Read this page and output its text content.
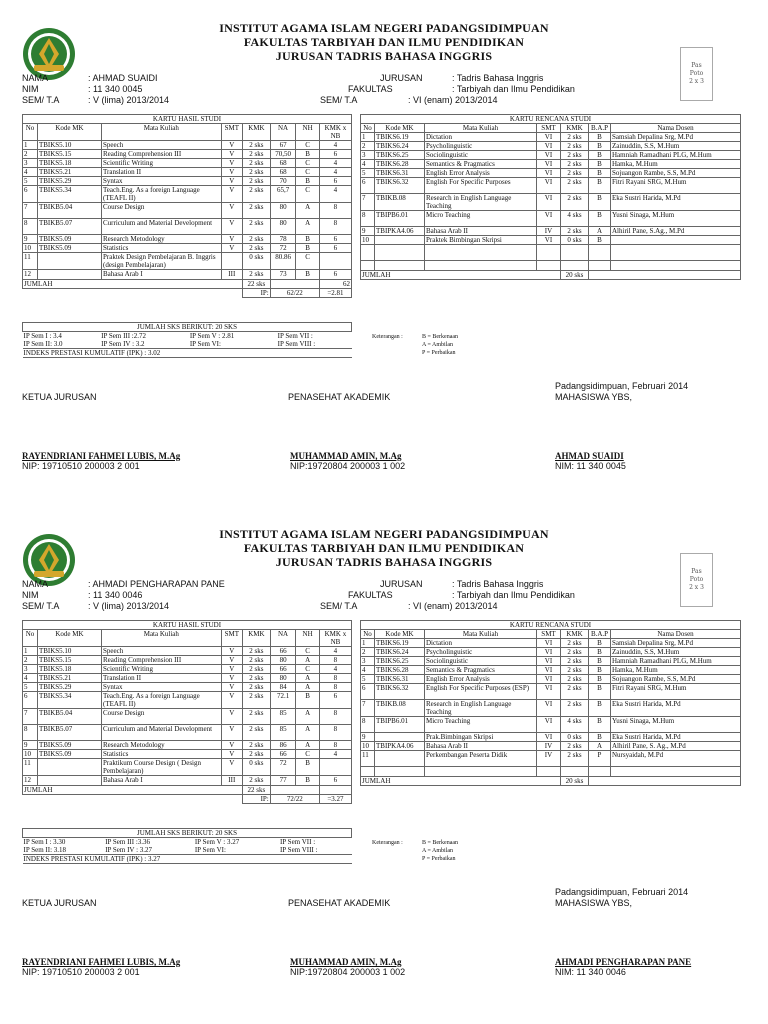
INSTITUT AGAMA ISLAM NEGERI PADANGSIDIMPUAN
FAKULTAS TARBIYAH DAN ILMU PENDIDIKAN
JURUSAN TADRIS BAHASA INGGRIS
Pas
Poto
2 x 3
NAMA	: AHMAD SUAIDI
NIM	: 11 340 0045
SEM/ T.A	: V (lima) 2013/2014
JURUSAN	: Tadris Bahasa Inggris
FAKULTAS	: Tarbiyah dan Ilmu Pendidikan
SEM/ T.A	: VI (enam) 2013/2014
KARTU HASIL STUDI							
No	Kode MK	Mata Kuliah	SMT	KMK	NA	NH	KMK x NB
1	TBIKS5.10	Speech	V	2 sks	67	C	4
2	TBIKS5.15	Reading Comprehension III	V	2 sks	70,50	B	6
3	TBIKS5.18	Scientific Writing	V	2 sks	68	C	4
4	TBIKS5.21	Translation II	V	2 sks	68	C	4
5	TBIKS5.29	Syntax	V	2 sks	70	B	6
6	TBIKS5.34	Teach.Eng. As a foreign Language (TEAFL II)	V	2 sks	65,7	C	4
7	TBIKB5.04	Course Design	V	2 sks	80	A	8
8	TBIKB5.07	Curriculum and Material Development	V	2 sks	80	A	8
9	TBIKS5.09	Research Metodology	V	2 sks	78	B	6
10	TBIKS5.09	Statistics	V	2 sks	72	B	6
11		Praktek Design Pembelajaran B. Inggris (design Pembelajaran)		0 sks	80.86	C	
12		Bahasa Arab I	III	2 sks	73	B	6
JUMLAH				22 sks			62
				IP:	62/22		=2.81
KARTU RENCANA STUDI						
No	Kode MK	Mata Kuliah	SMT	KMK	B.A.P	Nama Dosen
1	TBIKS6.19	Dictation	VI	2 sks	B	Samsiah Depalina Srg, M.Pd
2	TBIKS6.24	Psycholinguistic	VI	2 sks	B	Zainuddin, S.S, M.Hum
3	TBIKS6.25	Sociolinguistic	VI	2 sks	B	Hamniah Ramadhani PLG, M.Hum
4	TBIKS6.28	Semantics & Pragmatics	VI	2 sks	B	Hamka, M.Hum
5	TBIKS6.31	English Error Analysis	VI	2 sks	B	Sojuangon Rambe, S.S, M.Pd
6	TBIKS6.32	English For Specific Purposes	VI	2 sks	B	Fitri Rayani SRG, M.Hum
7	TBIKB.08	Research in English Language Teaching	VI	2 sks	B	Eka Sustri Harida, M.Pd
8	TBIPB6.01	Micro Teaching	VI	4 sks	B	Yusni Sinaga, M.Hum
9	TBIPKA4.06	Bahasa Arab II	IV	2 sks	A	Alhiril Pane, S.Ag., M.Pd
10		Praktek Bimbingan Skripsi	VI	0 sks	B	

JUMLAH				20 sks		
JUMLAH SKS BERIKUT: 20 SKS			
IP Sem I : 3.4	IP Sem III :2.72	IP Sem V : 2.81	IP Sem VII :
IP Sem II: 3.0	IP Sem IV : 3.2	IP Sem VI:	IP Sem VIII :
INDEKS PRESTASI KUMULATIF (IPK) : 3.02			
Keterangan :	B = Berkenaan
A = Ambilan
P = Perbaikan
Padangsidimpuan, Februari 2014
KETUA JURUSAN	PENASEHAT AKADEMIK	MAHASISWA YBS,
RAYENDRIANI FAHMEI LUBIS, M.Ag
NIP: 19710510 200003 2 001
MUHAMMAD AMIN, M.Ag
NIP:19720804 200003 1 002
AHMAD SUAIDI
NIM: 11 340 0045
INSTITUT AGAMA ISLAM NEGERI PADANGSIDIMPUAN
FAKULTAS TARBIYAH DAN ILMU PENDIDIKAN
JURUSAN TADRIS BAHASA INGGRIS
Pas
Poto
2 x 3
NAMA	: AHMADI PENGHARAPAN PANE
NIM	: 11 340 0046
SEM/ T.A	: V (lima) 2013/2014
JURUSAN	: Tadris Bahasa Inggris
FAKULTAS	: Tarbiyah dan Ilmu Pendidikan
SEM/ T.A	: VI (enam) 2013/2014
KARTU HASIL STUDI							
No	Kode MK	Mata Kuliah	SMT	KMK	NA	NH	KMK x NB
1	TBIKS5.10	Speech	V	2 sks	66	C	4
2	TBIKS5.15	Reading Comprehension III	V	2 sks	80	A	8
3	TBIKS5.18	Scientific Writing	V	2 sks	66	C	4
4	TBIKS5.21	Translation II	V	2 sks	80	A	8
5	TBIKS5.29	Syntax	V	2 sks	84	A	8
6	TBIKS5.34	Teach.Eng. As a foreign Language (TEAFL II)	V	2 sks	72.1	B	6
7	TBIKB5.04	Course Design	V	2 sks	85	A	8
8	TBIKB5.07	Curriculum and Material Development	V	2 sks	85	A	8
9	TBIKS5.09	Research Metodology	V	2 sks	86	A	8
10	TBIKS5.09	Statistics	V	2 sks	66	C	4
11		Praktikum Course Design ( Design Pembelajaran)	V	0 sks	72	B	
12		Bahasa Arab I	III	2 sks	77	B	6
JUMLAH				22 sks			
				IP:	72/22		=3.27
KARTU RENCANA STUDI						
No	Kode MK	Mata Kuliah	SMT	KMK	B.A.P	Nama Dosen
1	TBIKS6.19	Dictation	VI	2 sks	B	Samsiah Depalina Srg, M.Pd
2	TBIKS6.24	Psycholinguistic	VI	2 sks	B	Zainuddin, S.S, M.Hum
3	TBIKS6.25	Sociolinguistic	VI	2 sks	B	Hamniah Ramadhani PLG, M.Hum
4	TBIKS6.28	Semantics & Pragmatics	VI	2 sks	B	Hamka, M.Hum
5	TBIKS6.31	English Error Analysis	VI	2 sks	B	Sojuangon Rambe, S.S, M.Pd
6	TBIKS6.32	English For Specific Purposes (ESP)	VI	2 sks	B	Fitri Rayani SRG, M.Hum
7	TBIKB.08	Research in English Language Teaching	VI	2 sks	B	Eka Sustri Harida, M.Pd
8	TBIPB6.01	Micro Teaching	VI	4 sks	B	Yusni Sinaga, M.Hum
9		Prak.Bimbingan Skripsi	VI	0 sks	B	Eka Sustri Harida, M.Pd
10	TBIPKA4.06	Bahasa Arab II	IV	2 sks	A	Alhiril Pane, S. Ag., M.Pd
11		Perkembangan Peserta Didik	IV	2 sks	P	Nursyaidah, M.Pd

JUMLAH				20 sks		
JUMLAH SKS BERIKUT: 20 SKS			
IP Sem I : 3.30	IP Sem III :3.36	IP Sem V : 3.27	IP Sem VII :
IP Sem II: 3.18	IP Sem IV : 3.27	IP Sem VI:	IP Sem VIII :
INDEKS PRESTASI KUMULATIF (IPK) : 3.27			
Keterangan :	B = Berkenaan
A = Ambilan
P = Perbaikan
Padangsidimpuan, Februari 2014
KETUA JURUSAN	PENASEHAT AKADEMIK	MAHASISWA YBS,
RAYENDRIANI FAHMEI LUBIS, M.Ag
NIP: 19710510 200003 2 001
MUHAMMAD AMIN, M.Ag
NIP:19720804 200003 1 002
AHMADI PENGHARAPAN PANE
NIM: 11 340 0046
